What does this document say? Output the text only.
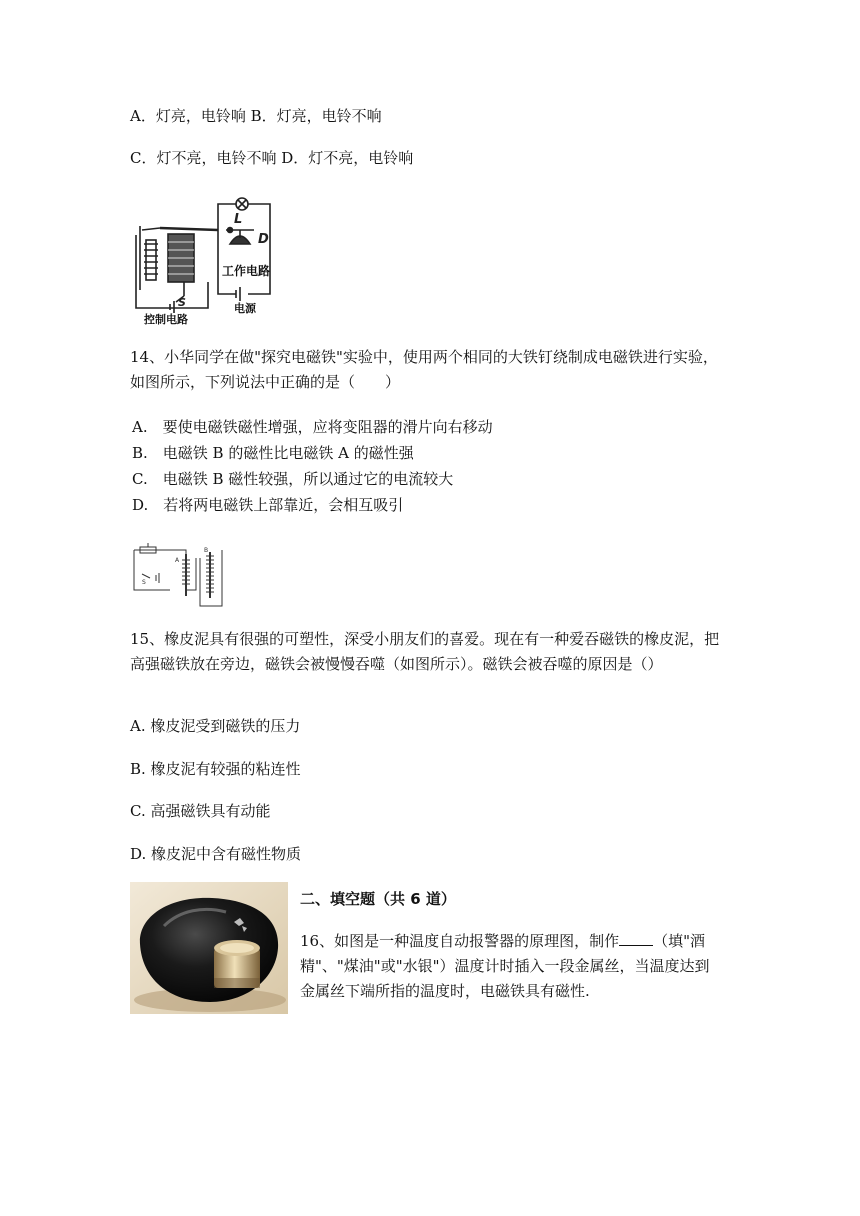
A．灯亮，电铃响 B．灯亮，电铃不响
C．灯不亮，电铃不响 D．灯不亮，电铃响
L
D
S
工作电路
电源
控制电路
14、小华同学在做"探究电磁铁"实验中，使用两个相同的大铁钉绕制成电磁铁进行实验，如图所示，下列说法中正确的是（　　）
A.　要使电磁铁磁性增强，应将变阻器的滑片向右移动
B.　电磁铁 B 的磁性比电磁铁 A 的磁性强
C.　电磁铁 B 磁性较强，所以通过它的电流较大
D.　若将两电磁铁上部靠近，会相互吸引
A
B
S
15、橡皮泥具有很强的可塑性，深受小朋友们的喜爱。现在有一种爱吞磁铁的橡皮泥，把高强磁铁放在旁边，磁铁会被慢慢吞噬（如图所示）。磁铁会被吞噬的原因是（）
A. 橡皮泥受到磁铁的压力
B. 橡皮泥有较强的粘连性
C. 高强磁铁具有动能
D. 橡皮泥中含有磁性物质
二、填空题（共 6 道）
16、如图是一种温度自动报警器的原理图，制作 （填"酒精"、"煤油"或"水银"）温度计时插入一段金属丝，当温度达到金属丝下端所指的温度时，电磁铁具有磁性.
